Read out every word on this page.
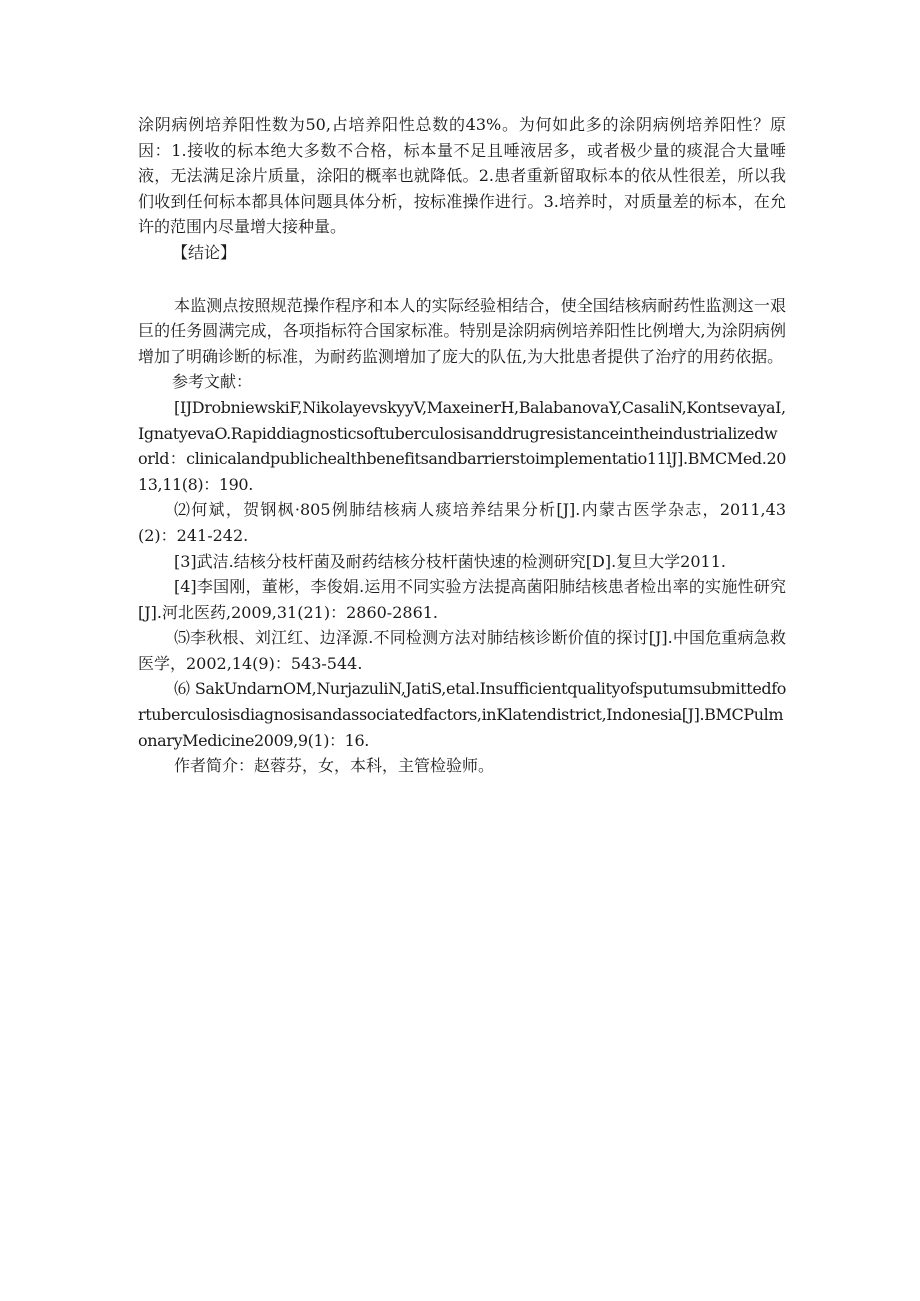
涂阴病例培养阳性数为50,占培养阳性总数的43%。为何如此多的涂阴病例培养阳性？原因：1.接收的标本绝大多数不合格，标本量不足且唾液居多，或者极少量的痰混合大量唾液，无法满足涂片质量，涂阳的概率也就降低。2.患者重新留取标本的依从性很差，所以我们收到任何标本都具体问题具体分析，按标准操作进行。3.培养时，对质量差的标本，在允许的范围内尽量增大接种量。

【结论】

本监测点按照规范操作程序和本人的实际经验相结合，使全国结核病耐药性监测这一艰巨的任务圆满完成，各项指标符合国家标准。特别是涂阴病例培养阳性比例增大,为涂阴病例增加了明确诊断的标准，为耐药监测增加了庞大的队伍,为大批患者提供了治疗的用药依据。

参考文献：

[IJDrobniewskiF,NikolayevskyyV,MaxeinerH,BalabanovaY,CasaliN,KontsevayaI,IgnatyevaO.Rapiddiagnosticsoftuberculosisanddrugresistanceintheindustrializedworld：clinicalandpublichealthbenefitsandbarrierstoimplementatio11lJ].BMCMed.2013,11(8)：190.

⑵何斌，贺钢枫·805例肺结核病人痰培养结果分析[J].内蒙古医学杂志，2011,43(2)：241-242.

[3]武洁.结核分枝杆菌及耐药结核分枝杆菌快速的检测研究[D].复旦大学2011.

[4]李国刚，董彬，李俊娟.运用不同实验方法提高菌阳肺结核患者检出率的实施性研究[J].河北医药,2009,31(21)：2860-2861.

⑸李秋根、刘江红、边泽源.不同检测方法对肺结核诊断价值的探讨[J].中国危重病急救医学，2002,14(9)：543-544.

⑹SakUndarnOM,NurjazuliN,JatiS,etal.Insufficientqualityofsputumsubmittedfortuberculosisdiagnosisandassociatedfactors,inKlatendistrict,Indonesia[J].BMCPulmonaryMedicine2009,9(1)：16.

作者简介：赵蓉芬，女，本科，主管检验师。
